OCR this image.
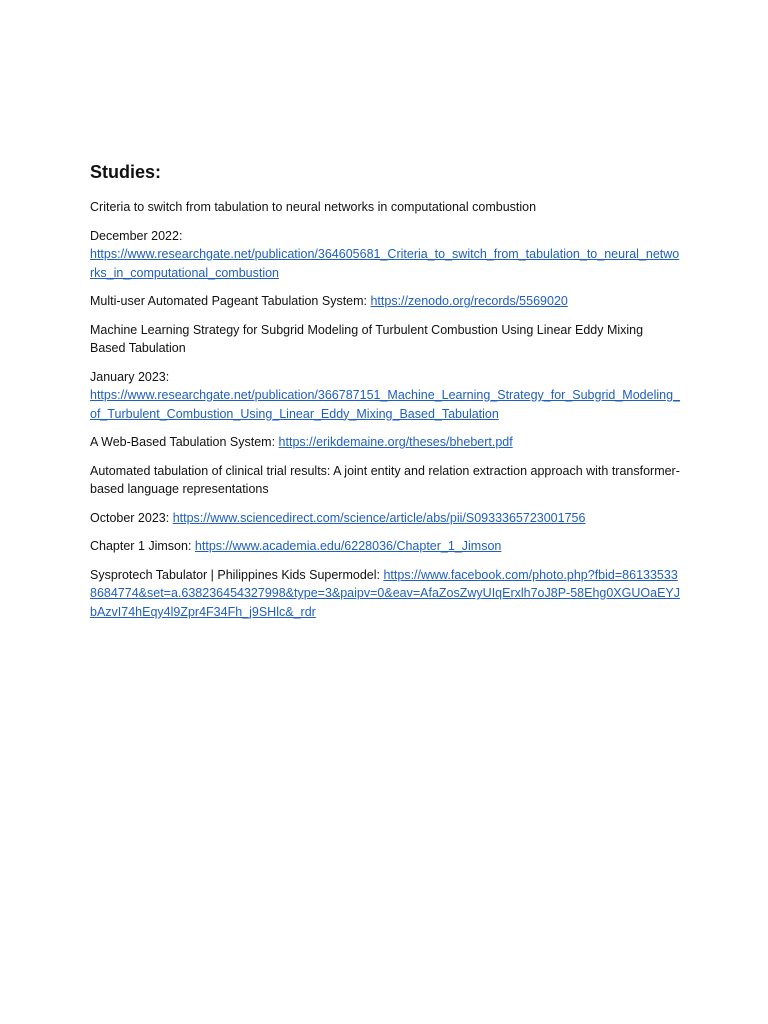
Studies:
Criteria to switch from tabulation to neural networks in computational combustion
December 2022:
https://www.researchgate.net/publication/364605681_Criteria_to_switch_from_tabulation_to_neural_networks_in_computational_combustion
Multi-user Automated Pageant Tabulation System: https://zenodo.org/records/5569020
Machine Learning Strategy for Subgrid Modeling of Turbulent Combustion Using Linear Eddy Mixing Based Tabulation
January 2023:
https://www.researchgate.net/publication/366787151_Machine_Learning_Strategy_for_Subgrid_Modeling_of_Turbulent_Combustion_Using_Linear_Eddy_Mixing_Based_Tabulation
A Web-Based Tabulation System: https://erikdemaine.org/theses/bhebert.pdf
Automated tabulation of clinical trial results: A joint entity and relation extraction approach with transformer-based language representations
October 2023: https://www.sciencedirect.com/science/article/abs/pii/S0933365723001756
Chapter 1 Jimson: https://www.academia.edu/6228036/Chapter_1_Jimson
Sysprotech Tabulator | Philippines Kids Supermodel: https://www.facebook.com/photo.php?fbid=861335338684774&set=a.638236454327998&type=3&paipv=0&eav=AfaZosZwyUIqErxlh7oJ8P-58Ehg0XGUOaEYJbAzvI74hEqy4l9Zpr4F34Fh_j9SHlc&_rdr
